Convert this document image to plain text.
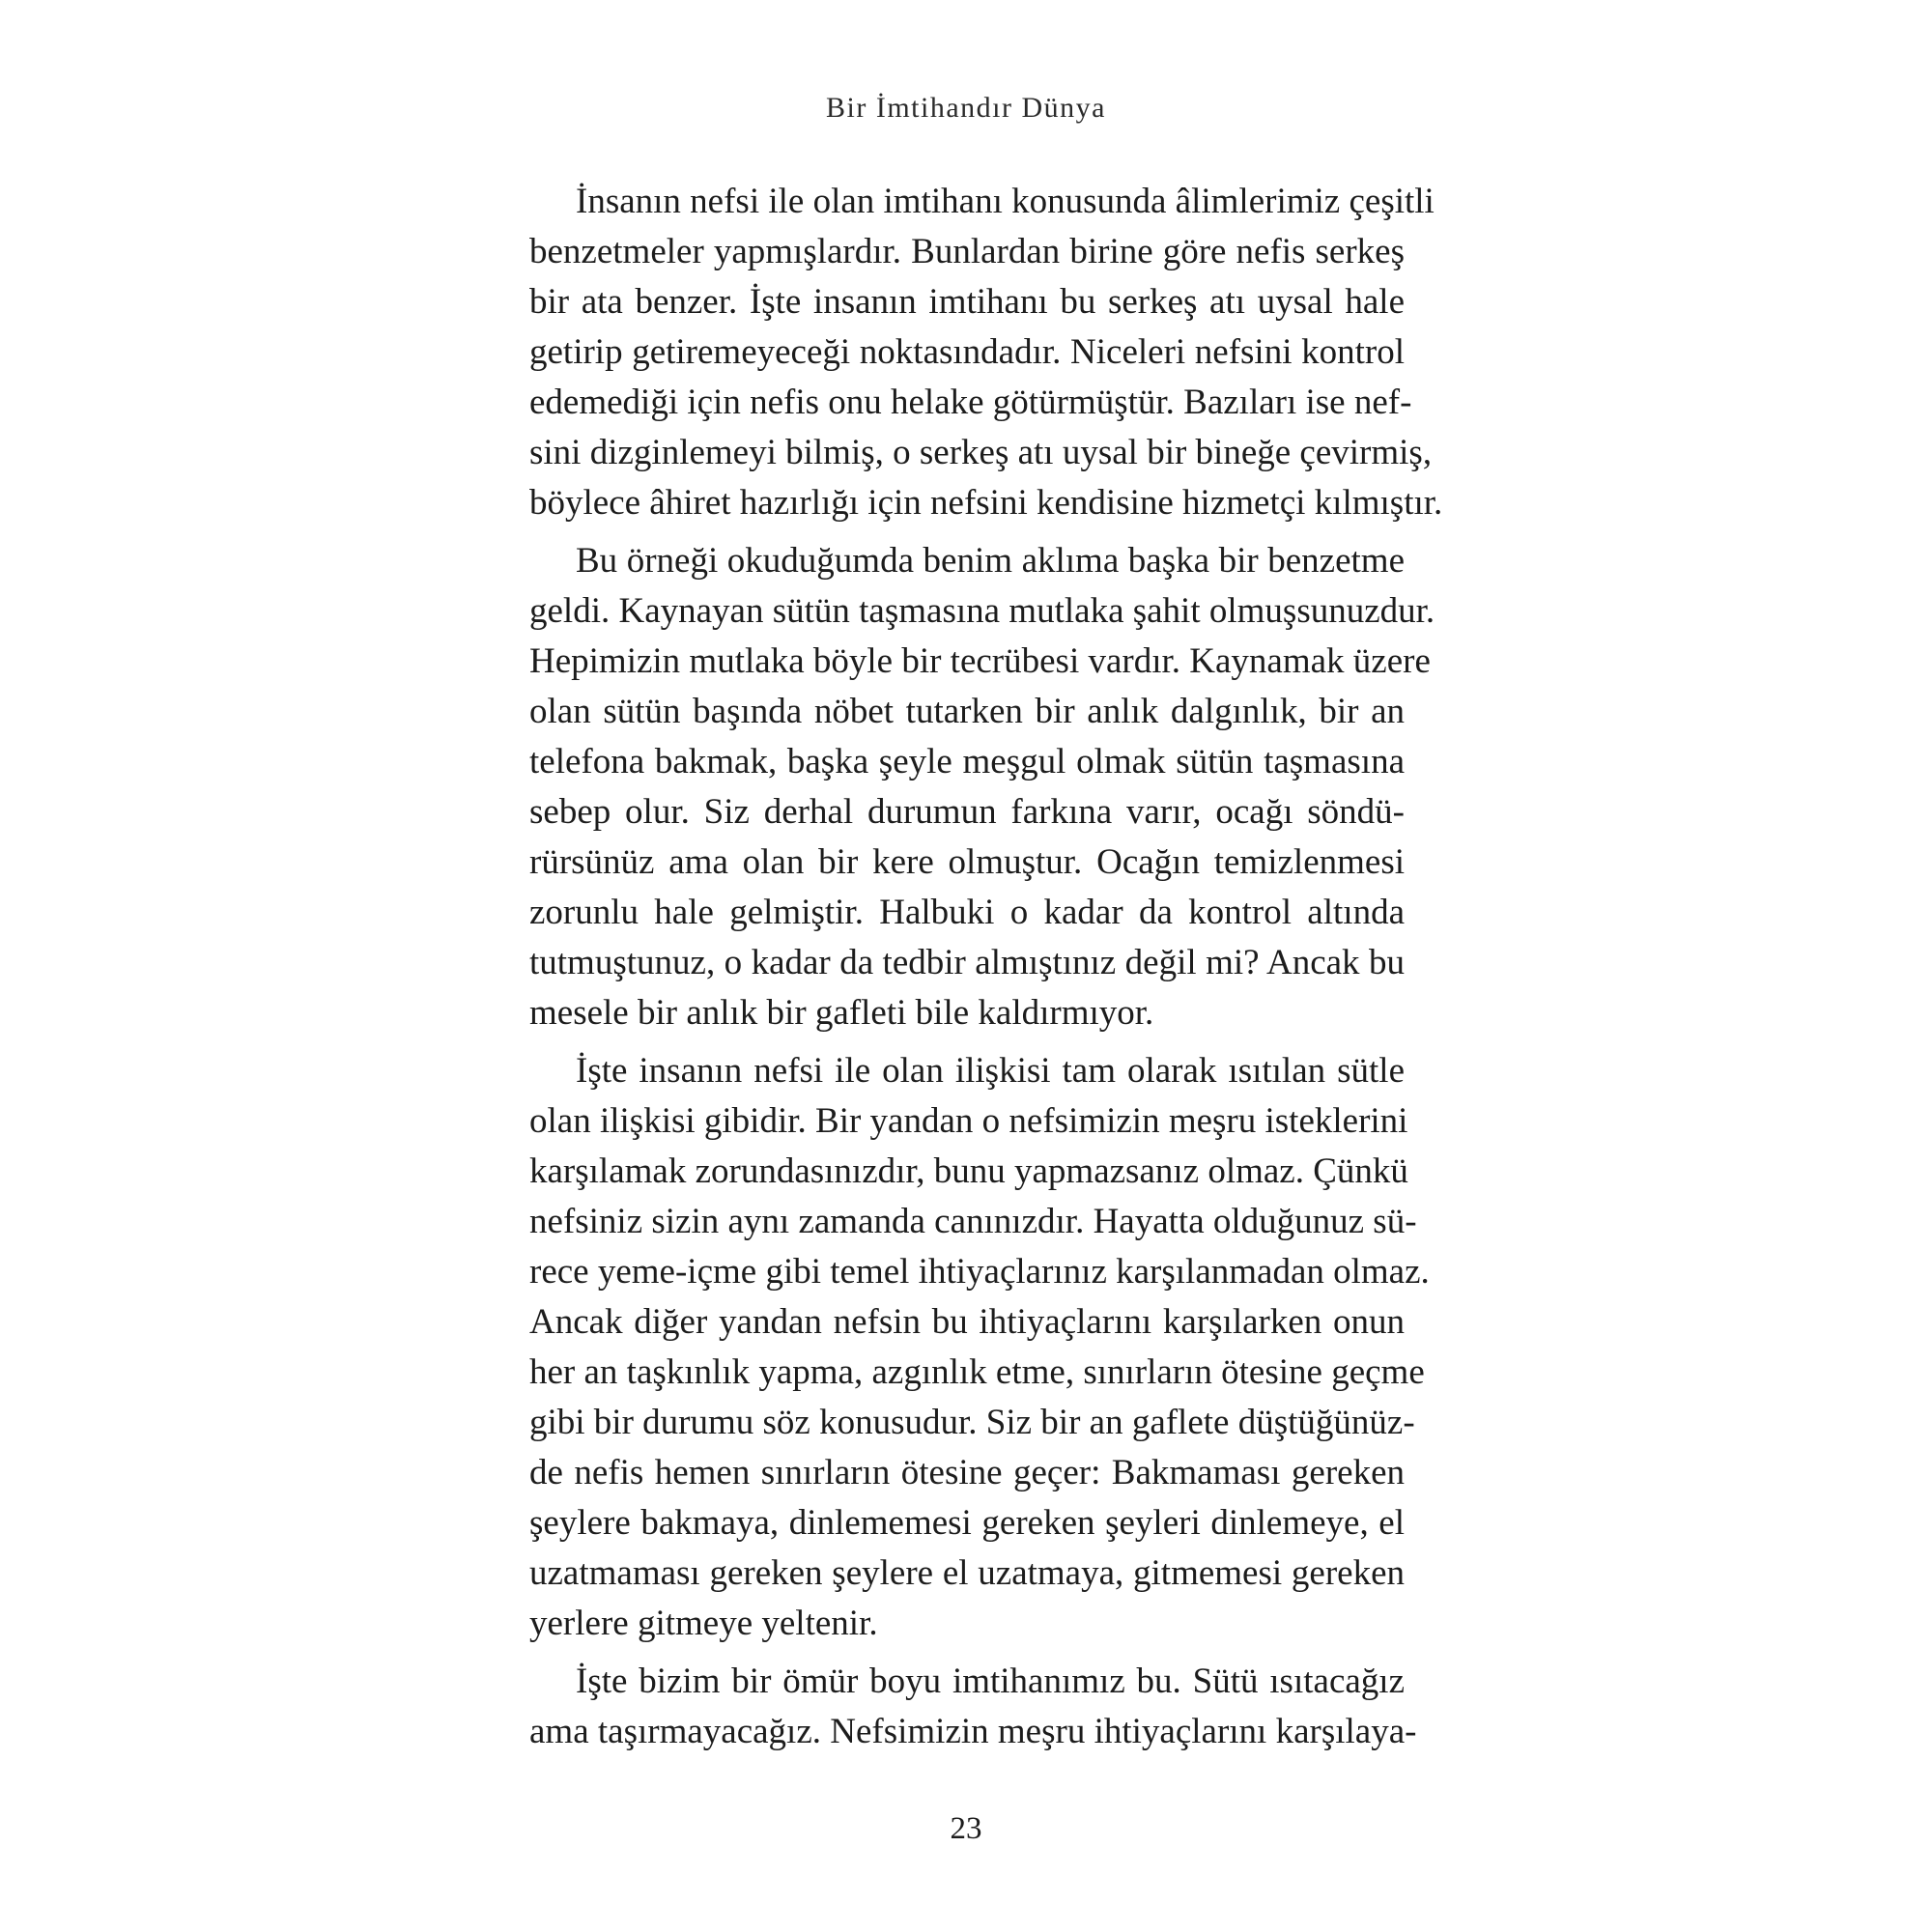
Bir İmtihandır Dünya
İnsanın nefsi ile olan imtihanı konusunda âlimlerimiz çeşitli
benzetmeler yapmışlardır. Bunlardan birine göre nefis serkeş
bir ata benzer. İşte insanın imtihanı bu serkeş atı uysal hale
getirip getiremeyeceği noktasındadır. Niceleri nefsini kontrol
edemediği için nefis onu helake götürmüştür. Bazıları ise nef-
sini dizginlemeyi bilmiş, o serkeş atı uysal bir bineğe çevirmiş,
böylece âhiret hazırlığı için nefsini kendisine hizmetçi kılmıştır.
Bu örneği okuduğumda benim aklıma başka bir benzetme
geldi. Kaynayan sütün taşmasına mutlaka şahit olmuşsunuzdur.
Hepimizin mutlaka böyle bir tecrübesi vardır. Kaynamak üzere
olan sütün başında nöbet tutarken bir anlık dalgınlık, bir an
telefona bakmak, başka şeyle meşgul olmak sütün taşmasına
sebep olur. Siz derhal durumun farkına varır, ocağı söndü-
rürsünüz ama olan bir kere olmuştur. Ocağın temizlenmesi
zorunlu hale gelmiştir. Halbuki o kadar da kontrol altında
tutmuştunuz, o kadar da tedbir almıştınız değil mi? Ancak bu
mesele bir anlık bir gafleti bile kaldırmıyor.
İşte insanın nefsi ile olan ilişkisi tam olarak ısıtılan sütle
olan ilişkisi gibidir. Bir yandan o nefsimizin meşru isteklerini
karşılamak zorundasınızdır, bunu yapmazsanız olmaz. Çünkü
nefsiniz sizin aynı zamanda canınızdır. Hayatta olduğunuz sü-
rece yeme-içme gibi temel ihtiyaçlarınız karşılanmadan olmaz.
Ancak diğer yandan nefsin bu ihtiyaçlarını karşılarken onun
her an taşkınlık yapma, azgınlık etme, sınırların ötesine geçme
gibi bir durumu söz konusudur. Siz bir an gaflete düştüğünüz-
de nefis hemen sınırların ötesine geçer: Bakmaması gereken
şeylere bakmaya, dinlememesi gereken şeyleri dinlemeye, el
uzatmaması gereken şeylere el uzatmaya, gitmemesi gereken
yerlere gitmeye yeltenir.
İşte bizim bir ömür boyu imtihanımız bu. Sütü ısıtacağız
ama taşırmayacağız. Nefsimizin meşru ihtiyaçlarını karşılaya-
23
